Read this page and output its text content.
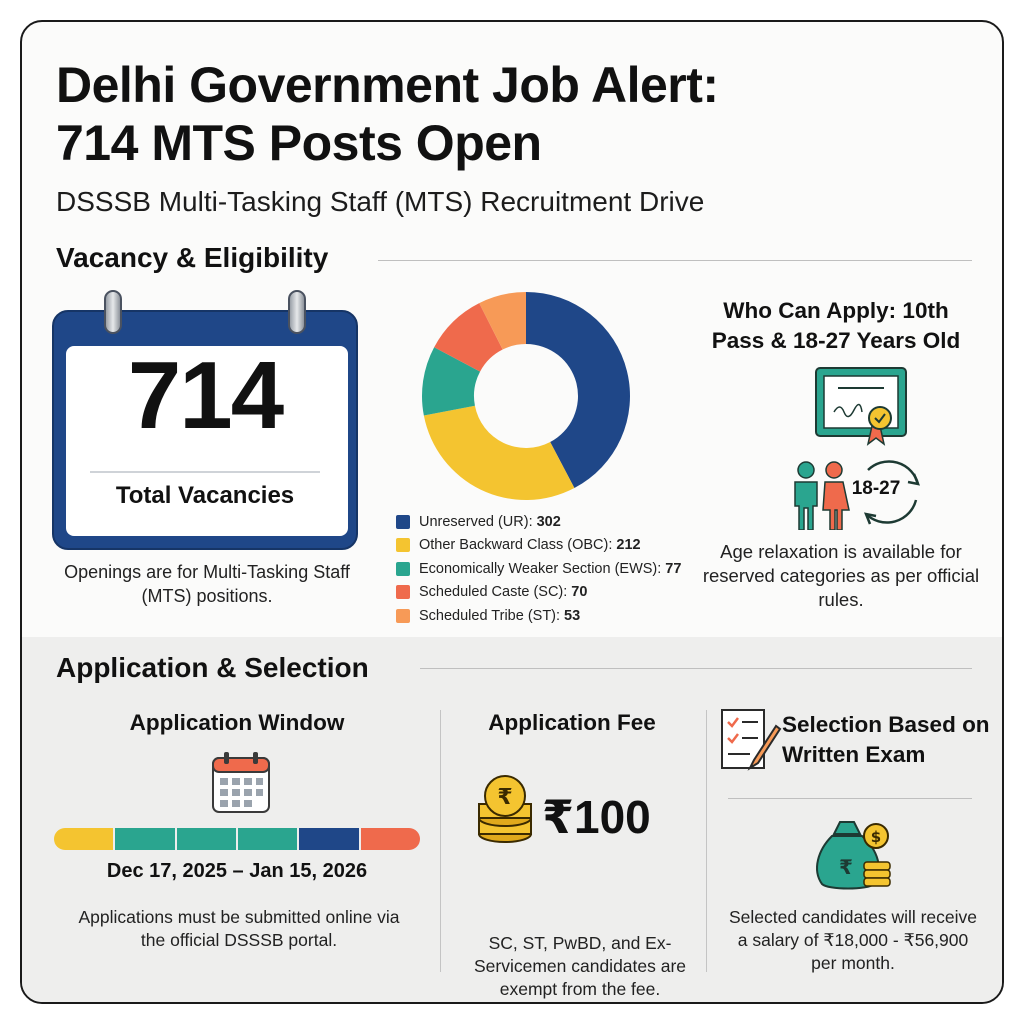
Delhi Government Job Alert:
714 MTS Posts Open
DSSSB Multi-Tasking Staff (MTS) Recruitment Drive
Vacancy & Eligibility
714
Total Vacancies
Openings are for Multi-Tasking Staff (MTS) positions.
Unreserved (UR): 302
Other Backward Class (OBC): 212
Economically Weaker Section (EWS): 77
Scheduled Caste (SC): 70
Scheduled Tribe (ST): 53
Who Can Apply: 10th Pass & 18-27 Years Old
18-27
Age relaxation is available for reserved categories as per official rules.
Application & Selection
Application Window
Dec 17, 2025 – Jan 15, 2026
Applications must be submitted online via the official DSSSB portal.
Application Fee
₹ ₹100
SC, ST, PwBD, and Ex-Servicemen candidates are exempt from the fee.
Selection Based on Written Exam
₹
$
Selected candidates will receive a salary of ₹18,000 - ₹56,900 per month.
